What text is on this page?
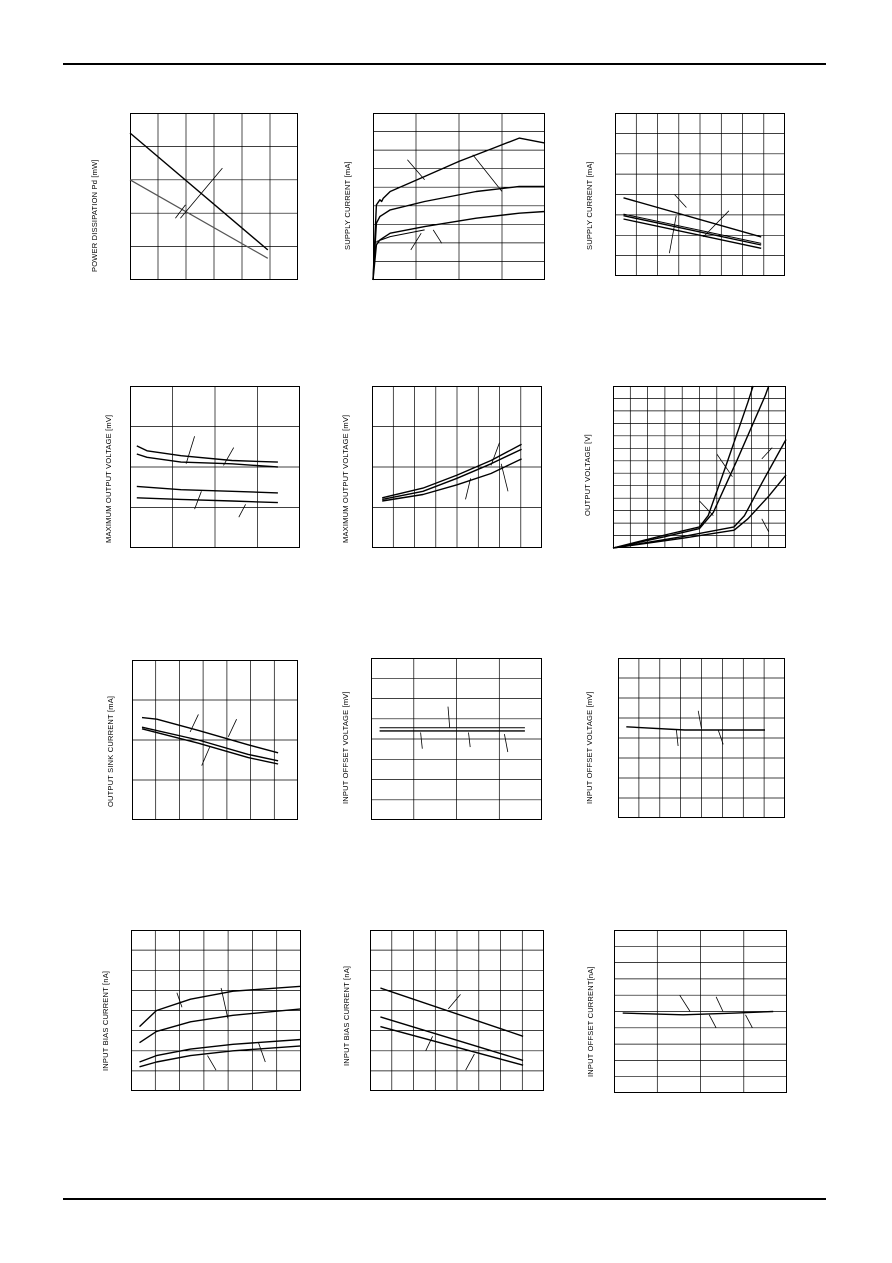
POWER DISSIPATION Pd [mW]	SUPPLY CURRENT [mA]	SUPPLY CURRENT [mA]
MAXIMUM OUTPUT VOLTAGE [mV]	MAXIMUM OUTPUT VOLTAGE [mV]	OUTPUT VOLTAGE [V]
OUTPUT SINK CURRENT [mA]	INPUT OFFSET VOLTAGE [mV]	INPUT OFFSET VOLTAGE [mV]
INPUT BIAS CURRENT [nA]	INPUT BIAS CURRENT [nA]	INPUT OFFSET CURRENT[nA]
